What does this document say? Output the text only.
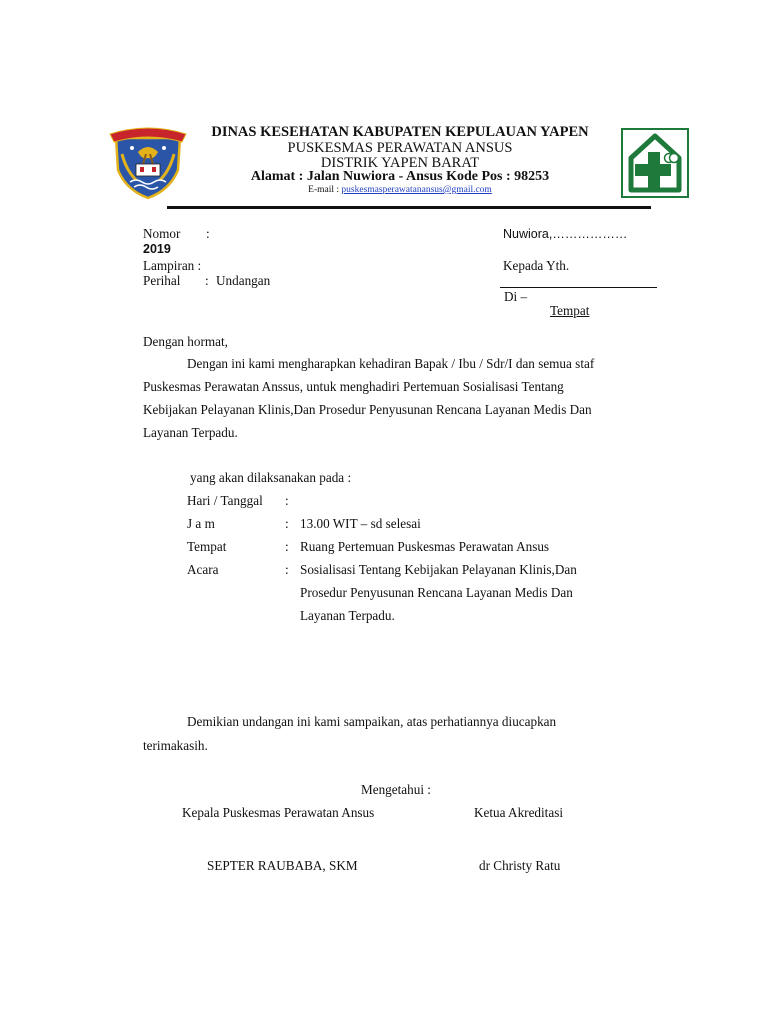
DINAS KESEHATAN KABUPATEN KEPULAUAN YAPEN
PUSKESMAS PERAWATAN ANSUS
DISTRIK YAPEN BARAT
Alamat : Jalan Nuwiora - Ansus Kode Pos : 98253
E-mail : puskesmasperawatanansus@gmail.com
Nomor :
2019
Lampiran :
Perihal : Undangan
Nuwiora,………………
Kepada Yth.
Di –
Tempat
Dengan hormat,
Dengan ini kami mengharapkan kehadiran Bapak / Ibu / Sdr/I dan semua staf
Puskesmas Perawatan Anssus, untuk menghadiri Pertemuan Sosialisasi Tentang
Kebijakan Pelayanan Klinis,Dan Prosedur Penyusunan Rencana Layanan Medis Dan
Layanan Terpadu.
yang akan dilaksanakan pada :
Hari / Tanggal :
J a m	: 13.00 WIT – sd selesai
Tempat	: Ruang Pertemuan Puskesmas Perawatan Ansus
Acara	: Sosialisasi Tentang Kebijakan Pelayanan Klinis,Dan
Prosedur Penyusunan Rencana Layanan Medis Dan
Layanan Terpadu.
Demikian undangan ini kami sampaikan, atas perhatiannya diucapkan
terimakasih.
Mengetahui :
Kepala Puskesmas Perawatan Ansus	Ketua Akreditasi
SEPTER RAUBABA, SKM	dr Christy Ratu
